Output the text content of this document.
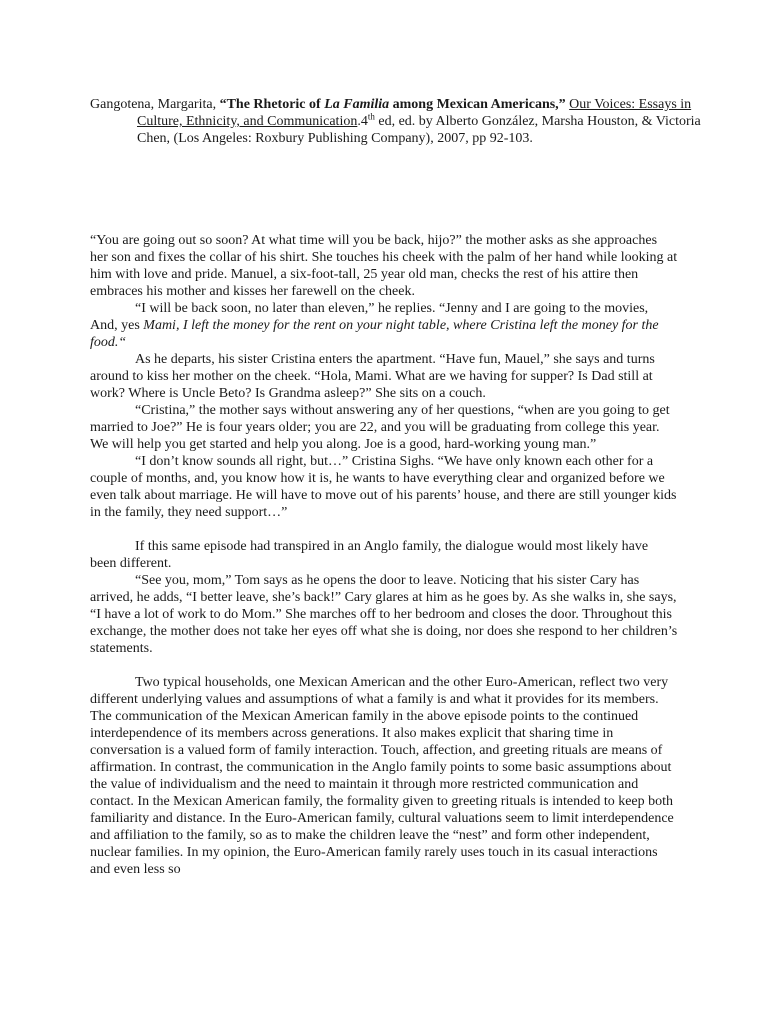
Gangotena, Margarita, “The Rhetoric of La Familia among Mexican Americans,” Our Voices: Essays in Culture, Ethnicity, and Communication.4th ed, ed. by Alberto González, Marsha Houston, & Victoria Chen, (Los Angeles: Roxbury Publishing Company), 2007, pp 92-103.

“You are going out so soon? At what time will you be back, hijo?” the mother asks as she approaches her son and fixes the collar of his shirt. She touches his cheek with the palm of her hand while looking at him with love and pride. Manuel, a six-foot-tall, 25 year old man, checks the rest of his attire then embraces his mother and kisses her farewell on the cheek.

“I will be back soon, no later than eleven,” he replies. “Jenny and I are going to the movies, And, yes Mami, I left the money for the rent on your night table, where Cristina left the money for the food.“

As he departs, his sister Cristina enters the apartment. “Have fun, Mauel,” she says and turns around to kiss her mother on the cheek. “Hola, Mami. What are we having for supper? Is Dad still at work? Where is Uncle Beto? Is Grandma asleep?” She sits on a couch.

“Cristina,” the mother says without answering any of her questions, “when are you going to get married to Joe?” He is four years older; you are 22, and you will be graduating from college this year. We will help you get started and help you along. Joe is a good, hard-working young man.”

“I don’t know sounds all right, but…” Cristina Sighs. “We have only known each other for a couple of months, and, you know how it is, he wants to have everything clear and organized before we even talk about marriage. He will have to move out of his parents’ house, and there are still younger kids in the family, they need support…”

If this same episode had transpired in an Anglo family, the dialogue would most likely have been different.

“See you, mom,” Tom says as he opens the door to leave. Noticing that his sister Cary has arrived, he adds, “I better leave, she’s back!” Cary glares at him as he goes by. As she walks in, she says, “I have a lot of work to do Mom.” She marches off to her bedroom and closes the door. Throughout this exchange, the mother does not take her eyes off what she is doing, nor does she respond to her children’s statements.

Two typical households, one Mexican American and the other Euro-American, reflect two very different underlying values and assumptions of what a family is and what it provides for its members. The communication of the Mexican American family in the above episode points to the continued interdependence of its members across generations. It also makes explicit that sharing time in conversation is a valued form of family interaction. Touch, affection, and greeting rituals are means of affirmation. In contrast, the communication in the Anglo family points to some basic assumptions about the value of individualism and the need to maintain it through more restricted communication and contact. In the Mexican American family, the formality given to greeting rituals is intended to keep both familiarity and distance. In the Euro-American family, cultural valuations seem to limit interdependence and affiliation to the family, so as to make the children leave the “nest” and form other independent, nuclear families. In my opinion, the Euro-American family rarely uses touch in its casual interactions and even less so
